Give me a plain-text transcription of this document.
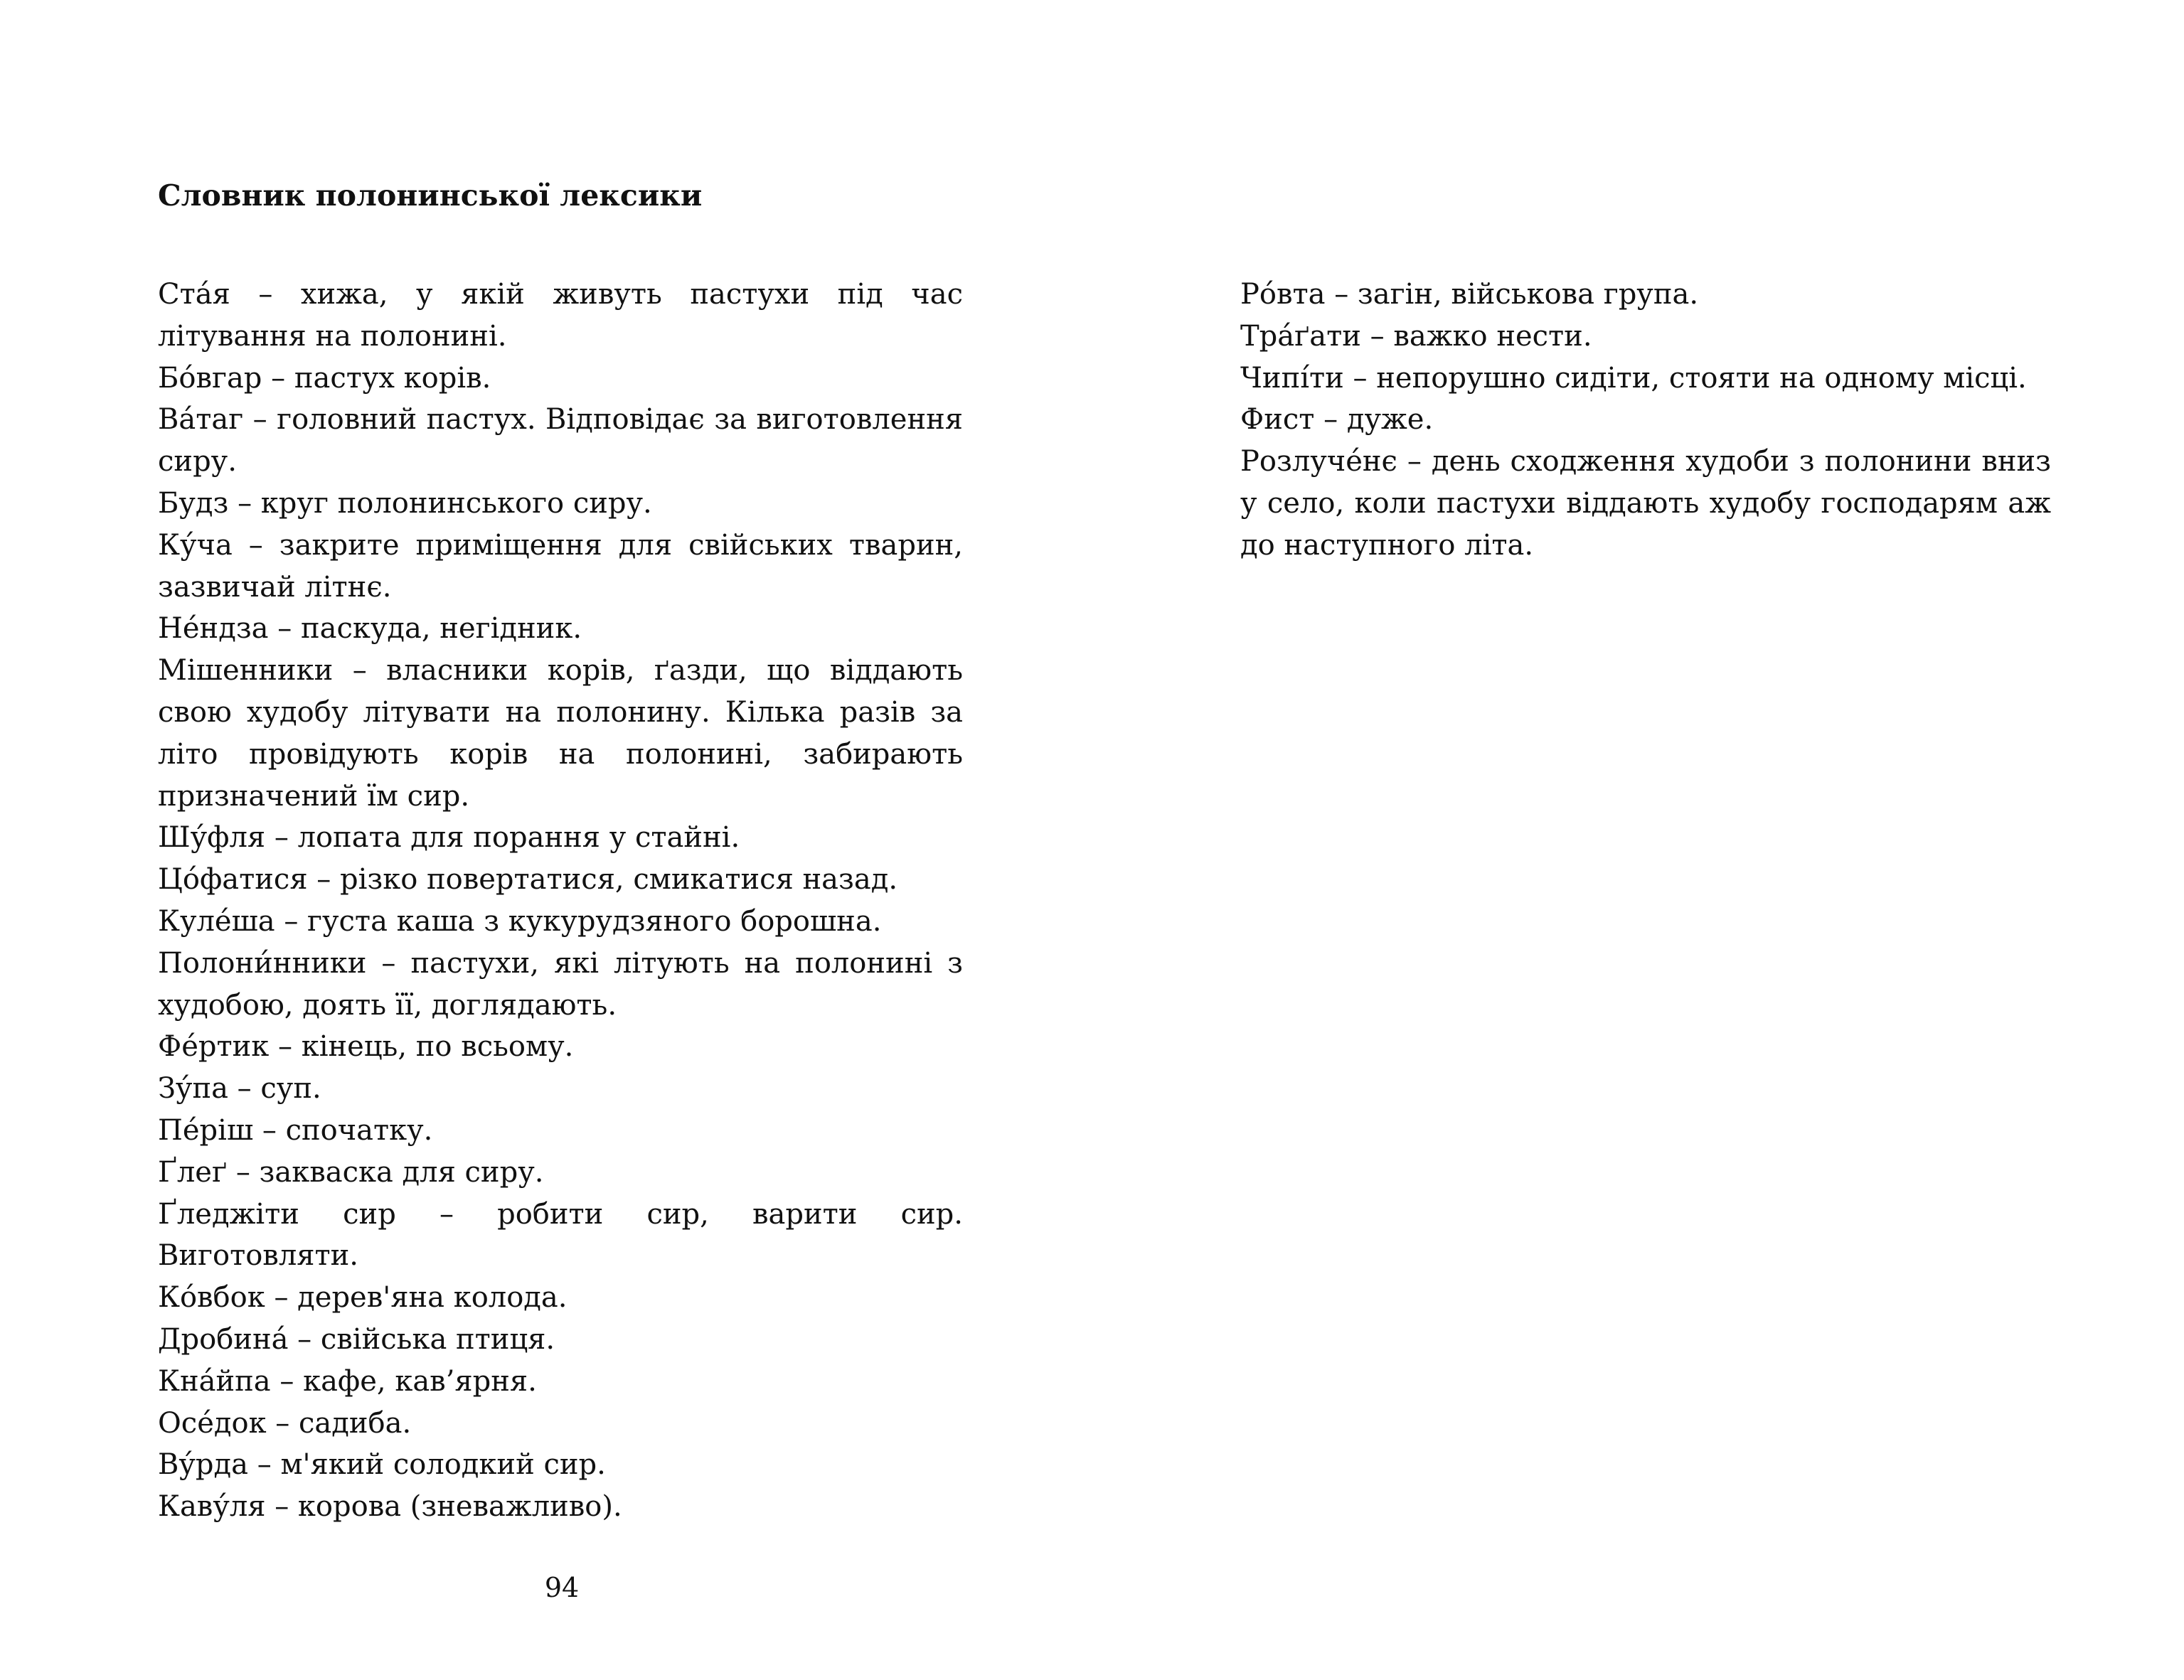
Словник полонинської лексики
Ста́я – хижа, у якій живуть пастухи під час літування на полонині.
Бо́вгар – пастух корів.
Ва́таг – головний пастух. Відповідає за виготовлення сиру.
Будз – круг полонинського сиру.
Ку́ча – закрите приміщення для свійських тварин, зазвичай літнє.
Не́ндза – паскуда, негідник.
Мішенники – власники корів, ґазди, що віддають свою худобу літувати на полонину. Кілька разів за літо провідують корів на полонині, забирають призначений їм сир.
Шу́фля – лопата для порання у стайні.
Цо́фатися – різко повертатися, смикатися назад.
Куле́ша – густа каша з кукурудзяного борошна.
Полони́нники – пастухи, які літують на полонині з худобою, доять її, доглядають.
Фе́ртик – кінець, по всьому.
Зу́па – суп.
Пе́ріш – спочатку.
Ґлеґ – закваска для сиру.
Ґледжіти сир – робити сир, варити сир. Виготовляти.
Ко́вбок – дерев'яна колода.
Дробина́ – свійська птиця.
Кна́йпа – кафе, кав’ярня.
Осе́док – садиба.
Ву́рда – м'який солодкий сир.
Каву́ля – корова (зневажливо).
Ро́вта – загін, військова група.
Тра́ґати – важко нести.
Чипі́ти – непорушно сидіти, стояти на одному місці.
Фист – дуже.
Розлуче́нє – день сходження худоби з полонини вниз у село, коли пастухи віддають худобу господарям аж до наступного літа.
94
